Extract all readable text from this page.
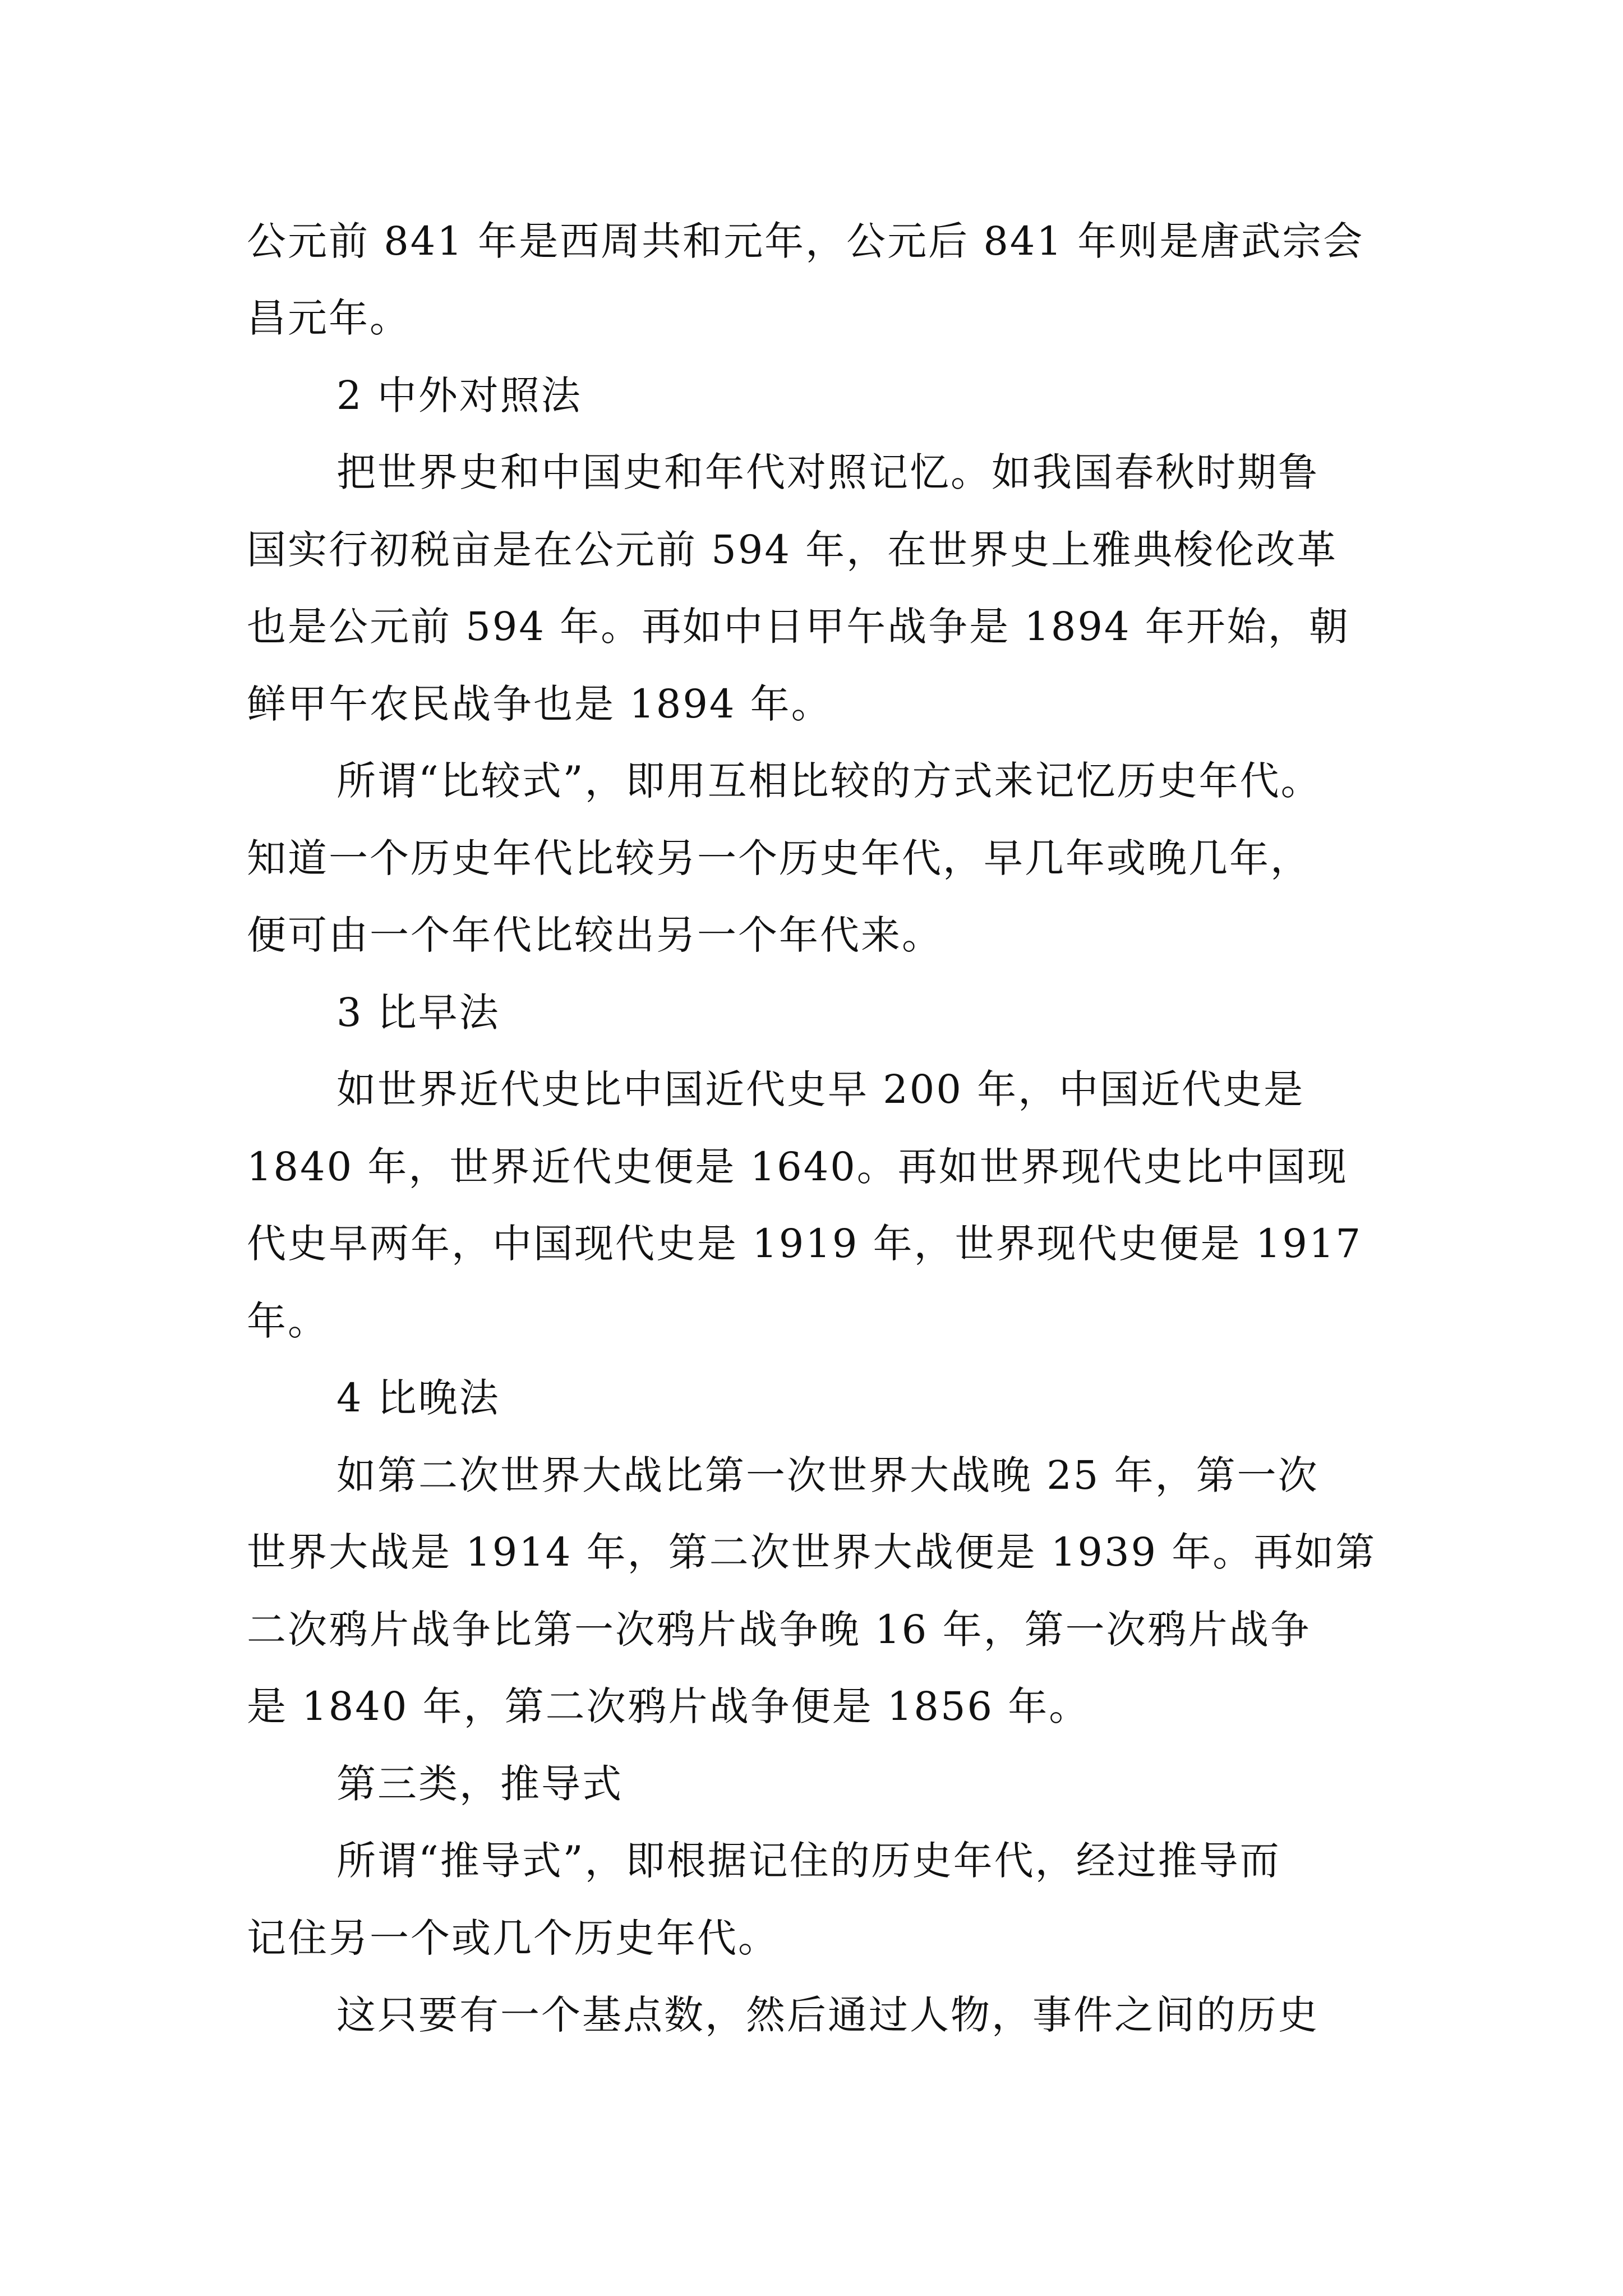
公元前 841 年是西周共和元年，公元后 841 年则是唐武宗会
昌元年。
2 中外对照法
把世界史和中国史和年代对照记忆。如我国春秋时期鲁
国实行初税亩是在公元前 594 年，在世界史上雅典梭伦改革
也是公元前 594 年。再如中日甲午战争是 1894 年开始，朝
鲜甲午农民战争也是 1894 年。
所谓“比较式”，即用互相比较的方式来记忆历史年代。
知道一个历史年代比较另一个历史年代，早几年或晚几年，
便可由一个年代比较出另一个年代来。
3 比早法
如世界近代史比中国近代史早 200 年，中国近代史是
1840 年，世界近代史便是 1640。再如世界现代史比中国现
代史早两年，中国现代史是 1919 年，世界现代史便是 1917
年。
4 比晚法
如第二次世界大战比第一次世界大战晚 25 年，第一次
世界大战是 1914 年，第二次世界大战便是 1939 年。再如第
二次鸦片战争比第一次鸦片战争晚 16 年，第一次鸦片战争
是 1840 年，第二次鸦片战争便是 1856 年。
第三类，推导式
所谓“推导式”，即根据记住的历史年代，经过推导而
记住另一个或几个历史年代。
这只要有一个基点数，然后通过人物，事件之间的历史
